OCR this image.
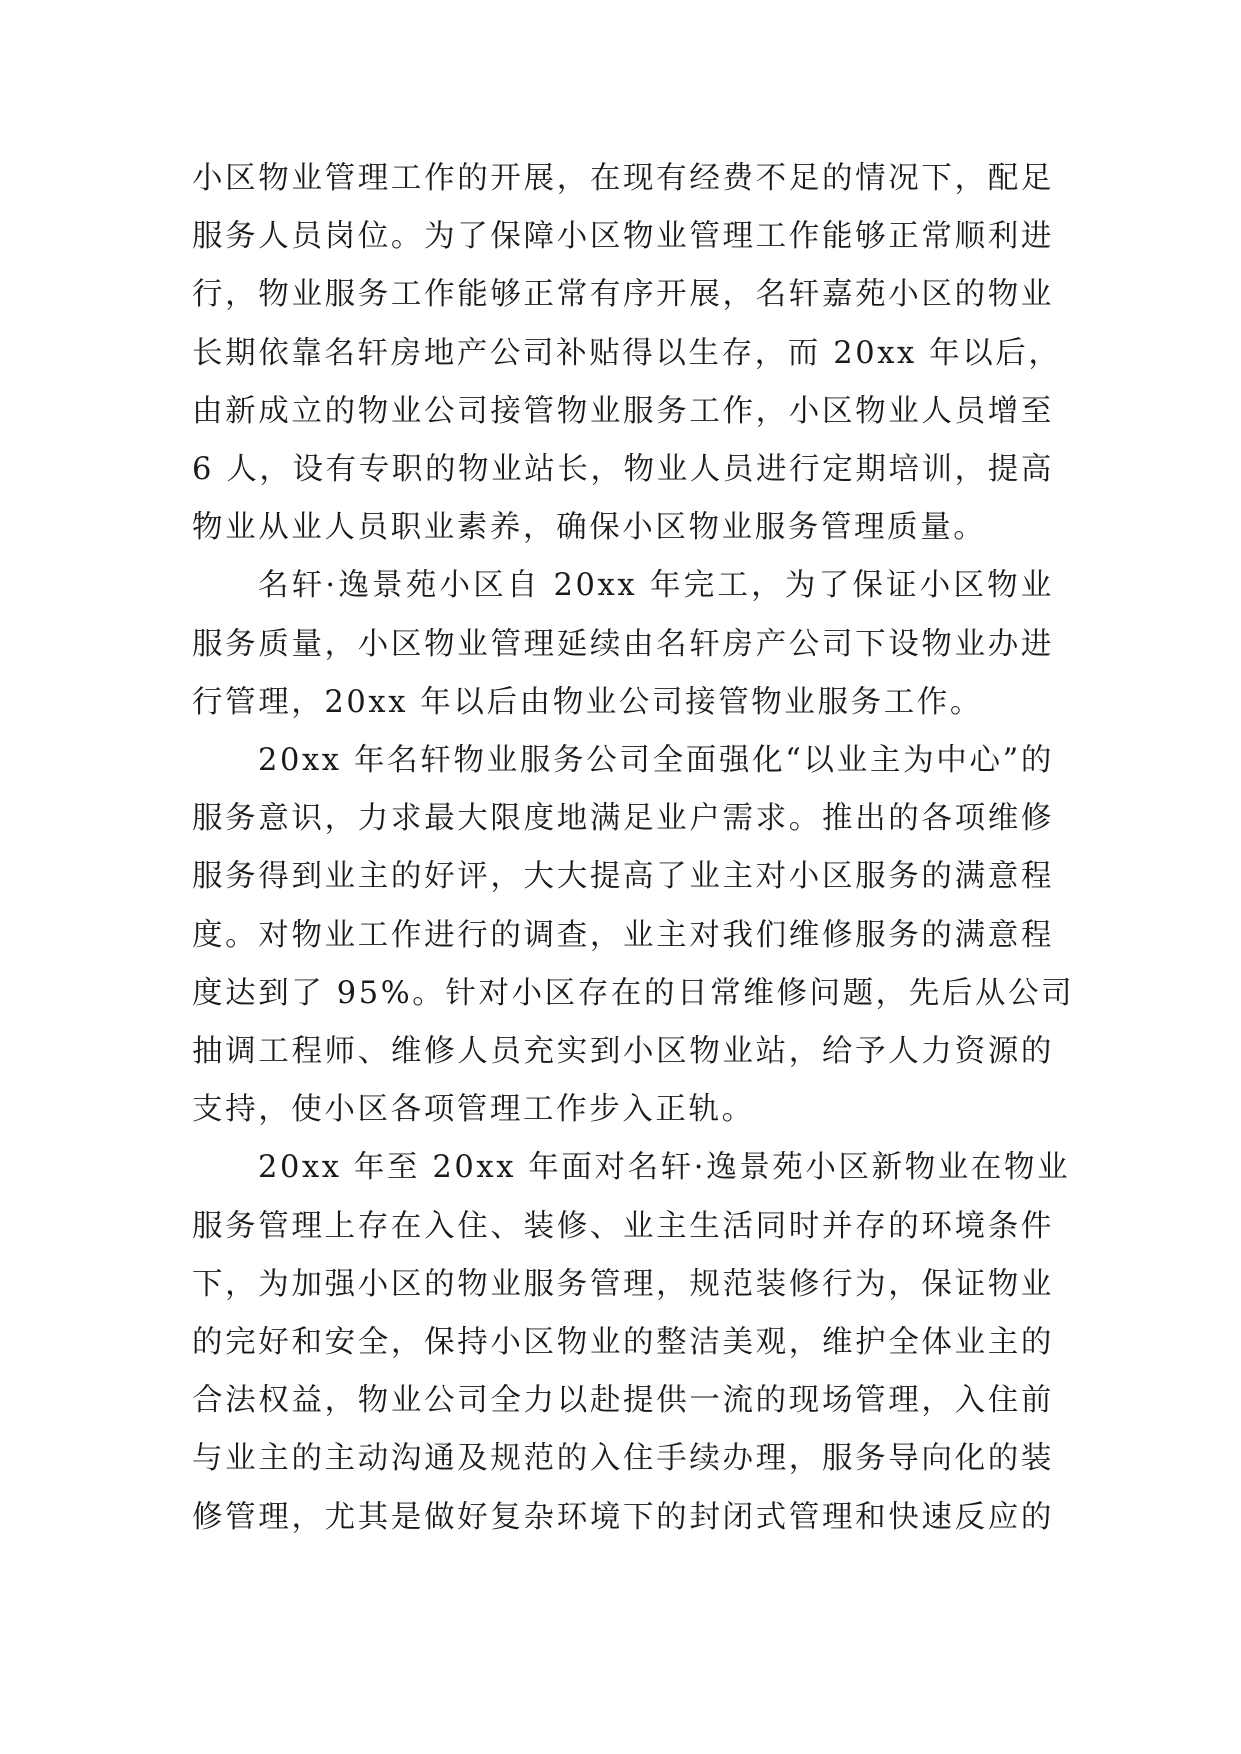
小区物业管理工作的开展，在现有经费不足的情况下，配足
服务人员岗位。为了保障小区物业管理工作能够正常顺利进
行，物业服务工作能够正常有序开展，名轩嘉苑小区的物业
长期依靠名轩房地产公司补贴得以生存，而 20xx 年以后，
由新成立的物业公司接管物业服务工作，小区物业人员增至
6 人，设有专职的物业站长，物业人员进行定期培训，提高
物业从业人员职业素养，确保小区物业服务管理质量。

名轩·逸景苑小区自 20xx 年完工，为了保证小区物业
服务质量，小区物业管理延续由名轩房产公司下设物业办进
行管理，20xx 年以后由物业公司接管物业服务工作。

20xx 年名轩物业服务公司全面强化“以业主为中心”的
服务意识，力求最大限度地满足业户需求。推出的各项维修
服务得到业主的好评，大大提高了业主对小区服务的满意程
度。对物业工作进行的调查，业主对我们维修服务的满意程
度达到了 95%。针对小区存在的日常维修问题，先后从公司
抽调工程师、维修人员充实到小区物业站，给予人力资源的
支持，使小区各项管理工作步入正轨。

20xx 年至 20xx 年面对名轩·逸景苑小区新物业在物业
服务管理上存在入住、装修、业主生活同时并存的环境条件
下，为加强小区的物业服务管理，规范装修行为，保证物业
的完好和安全，保持小区物业的整洁美观，维护全体业主的
合法权益，物业公司全力以赴提供一流的现场管理，入住前
与业主的主动沟通及规范的入住手续办理，服务导向化的装
修管理，尤其是做好复杂环境下的封闭式管理和快速反应的
